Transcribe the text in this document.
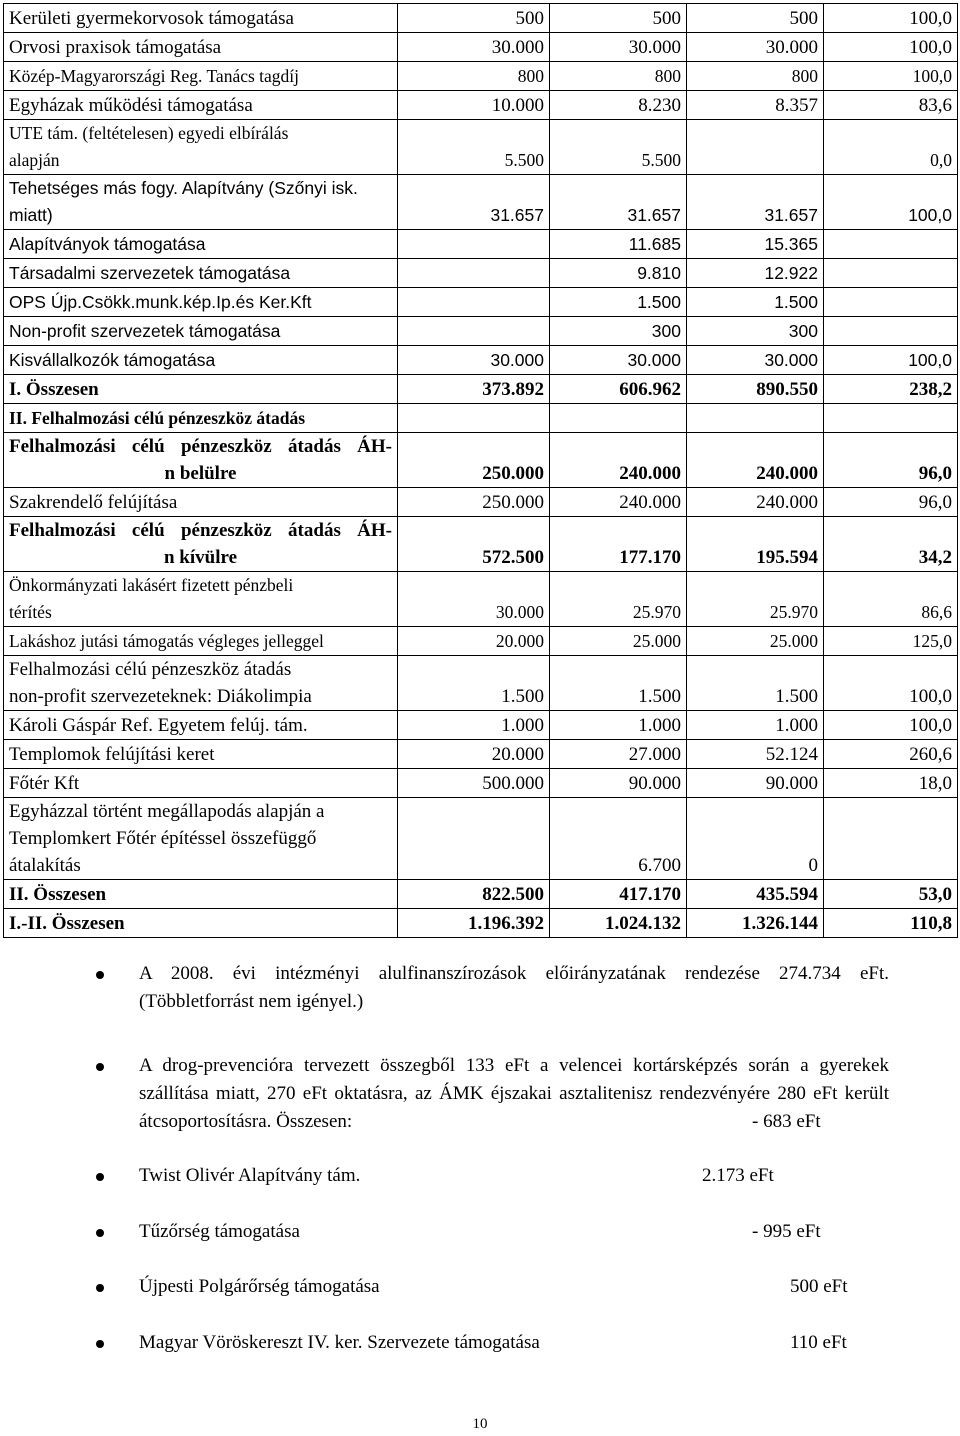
Kerületi gyermekorvosok támogatása	500	500	500	100,0

Orvosi praxisok támogatása	30.000	30.000	30.000	100,0

Közép-Magyarországi Reg. Tanács tagdíj	800	800	800	100,0

Egyházak működési támogatása	10.000	8.230	8.357	83,6

UTE tám. (feltételesen) egyedi elbírálás
alapján	5.500	5.500		0,0

Tehetséges más fogy. Alapítvány (Szőnyi isk.
miatt)	31.657	31.657	31.657	100,0

Alapítványok támogatása		11.685	15.365	

Társadalmi szervezetek támogatása		9.810	12.922	

OPS Újp.Csökk.munk.kép.Ip.és Ker.Kft		1.500	1.500	

Non-profit szervezetek támogatása		300	300	

Kisvállalkozók támogatása	30.000	30.000	30.000	100,0

I. Összesen	373.892	606.962	890.550	238,2

II. Felhalmozási célú pénzeszköz átadás				

Felhalmozási célú pénzeszköz átadás ÁH-
n belülre	250.000	240.000	240.000	96,0

Szakrendelő felújítása	250.000	240.000	240.000	96,0

Felhalmozási célú pénzeszköz átadás ÁH-
n kívülre	572.500	177.170	195.594	34,2

Önkormányzati lakásért fizetett pénzbeli
térítés	30.000	25.970	25.970	86,6

Lakáshoz jutási támogatás végleges jelleggel	20.000	25.000	25.000	125,0

Felhalmozási célú pénzeszköz átadás
non-profit szervezeteknek: Diákolimpia	1.500	1.500	1.500	100,0

Károli Gáspár Ref. Egyetem felúj. tám.	1.000	1.000	1.000	100,0

Templomok felújítási keret	20.000	27.000	52.124	260,6

Főtér Kft	500.000	90.000	90.000	18,0

Egyházzal történt megállapodás alapján a
Templomkert Főtér építéssel összefüggő
átalakítás		6.700	0	

II. Összesen	822.500	417.170	435.594	53,0

I.-II. Összesen	1.196.392	1.024.132	1.326.144	110,8
A 2008. évi intézményi alulfinanszírozások előirányzatának rendezése 274.734 eFt. (Többletforrást nem igényel.)
A drog-prevencióra tervezett összegből 133 eFt a velencei kortársképzés során a gyerekek szállítása miatt, 270 eFt oktatásra, az ÁMK éjszakai asztalitenisz rendezvényére 280 eFt került átcsoportosításra. Összesen:	- 683 eFt
Twist Olivér Alapítvány tám.	2.173 eFt
Tűzőrség támogatása	- 995 eFt
Újpesti Polgárőrség támogatása	500 eFt
Magyar Vöröskereszt IV. ker. Szervezete támogatása	110 eFt
10
